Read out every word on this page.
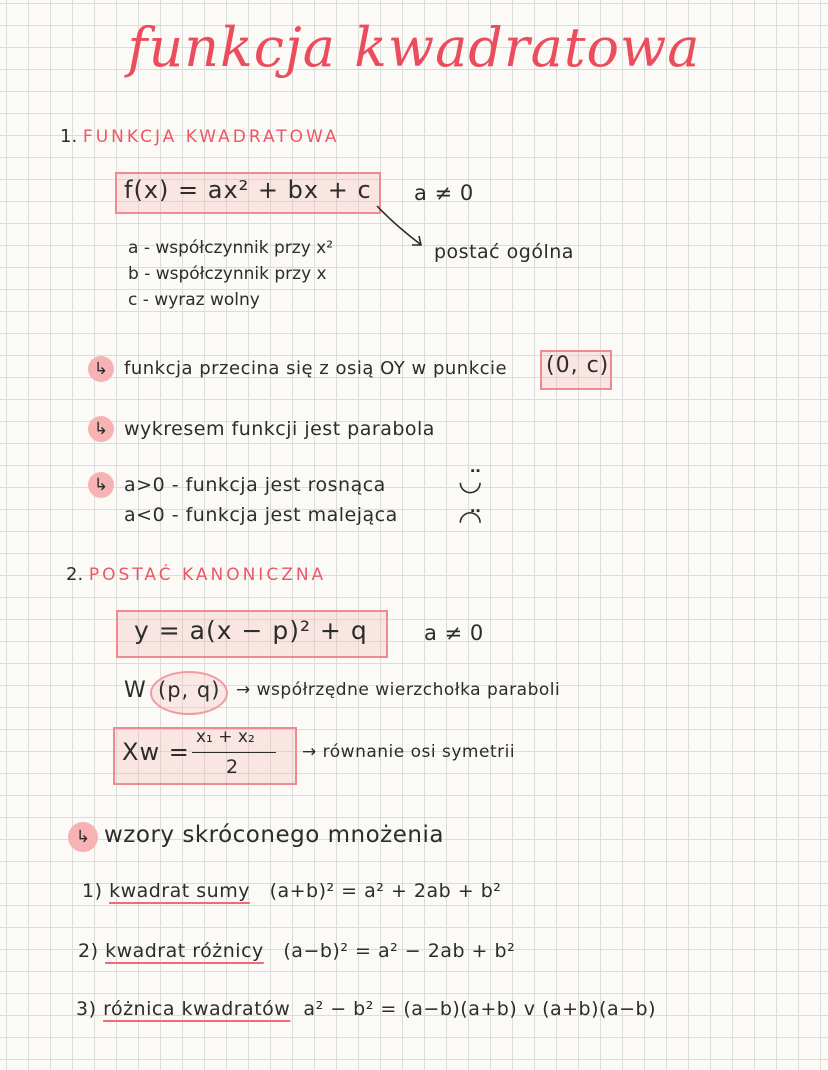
funkcja kwadratowa
1. FUNKCJA KWADRATOWA
f(x) = ax² + bx + c a ≠ 0
postać ogólna
a - współczynnik przy x²
b - współczynnik przy x
c - wyraz wolny
↳ funkcja przecina się z osią OY w punkcie (0, c)
↳ wykresem funkcji jest parabola
↳ a>0 - funkcja jest rosnąca
a<0 - funkcja jest malejąca
◡̈
◠̈
2. POSTAĆ KANONICZNA
y = a(x − p)² + q	a ≠ 0
W (p, q) → współrzędne wierzchołka paraboli
Xw =
x₁ + x₂
2
→ równanie osi symetrii
↳ wzory skróconego mnożenia
1) kwadrat sumy (a+b)² = a² + 2ab + b²
2) kwadrat różnicy (a−b)² = a² − 2ab + b²
3) różnica kwadratów a² − b² = (a−b)(a+b) v (a+b)(a−b)
